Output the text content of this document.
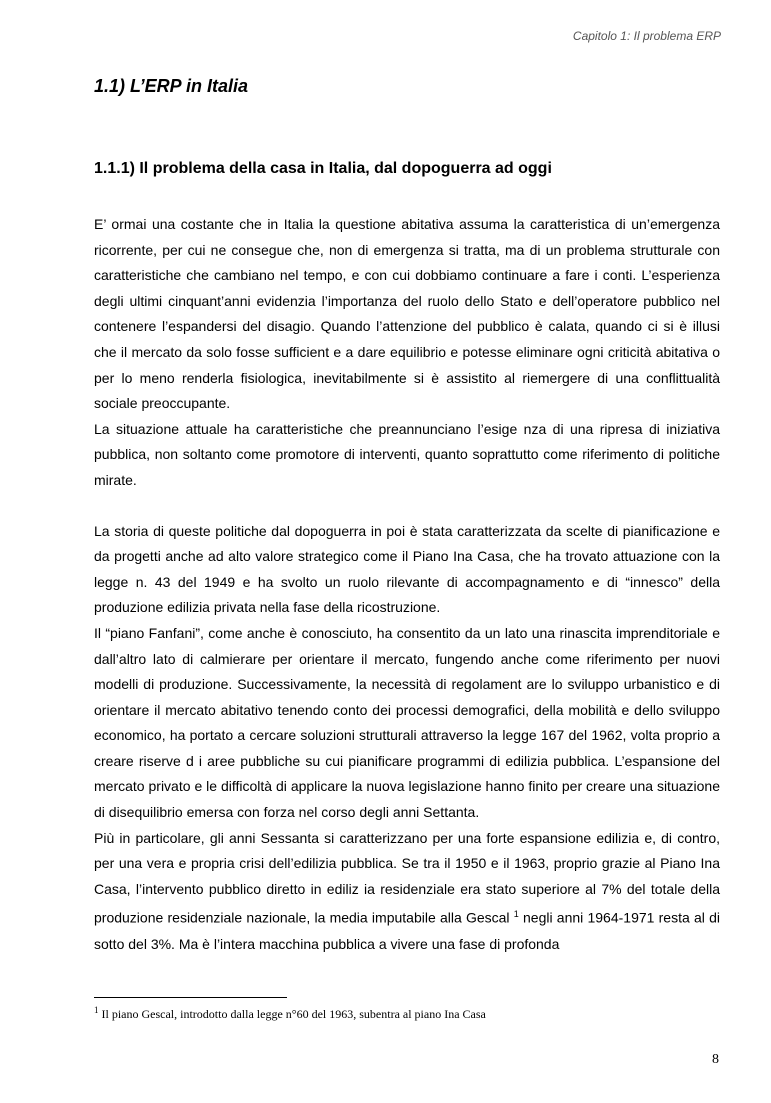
Capitolo 1: Il problema ERP
1.1) L’ERP in Italia
1.1.1) Il problema della casa in Italia, dal dopoguerra ad oggi

E’ ormai una costante che in Italia la questione abitativa assuma la caratteristica di un’emergenza ricorrente, per cui ne consegue che, non di emergenza si tratta, ma di un problema strutturale con caratteristiche che cambiano nel tempo, e con cui dobbiamo continuare a fare i conti. L’esperienza degli ultimi cinquant’anni evidenzia l’importanza del ruolo dello Stato e dell’operatore pubblico nel contenere l’espandersi del disagio. Quando l’attenzione del pubblico è calata, quando ci si è illusi che il mercato da solo fosse sufficient e a dare equilibrio e potesse eliminare ogni criticità abitativa o per lo meno renderla fisiologica, inevitabilmente si è assistito al riemergere di una conflittualità sociale preoccupante.

La situazione attuale ha caratteristiche che preannunciano l’esige nza di una ripresa di iniziativa pubblica, non soltanto come promotore di interventi, quanto soprattutto come riferimento di politiche mirate.

La storia di queste politiche dal dopoguerra in poi è stata caratterizzata da scelte di pianificazione e da progetti anche ad alto valore strategico come il Piano Ina Casa, che ha trovato attuazione con la legge n. 43 del 1949 e ha svolto un ruolo rilevante di accompagnamento e di “innesco” della produzione edilizia privata nella fase della ricostruzione.

Il “piano Fanfani”, come anche è conosciuto, ha consentito da un lato una rinascita imprenditoriale e dall’altro lato di calmierare per orientare il mercato, fungendo anche come riferimento per nuovi modelli di produzione. Successivamente, la necessità di regolament are lo sviluppo urbanistico e di orientare il mercato abitativo tenendo conto dei processi demografici, della mobilità e dello sviluppo economico, ha portato a cercare soluzioni strutturali attraverso la legge 167 del 1962, volta proprio a creare riserve d i aree pubbliche su cui pianificare programmi di edilizia pubblica. L’espansione del mercato privato e le difficoltà di applicare la nuova legislazione hanno finito per creare una situazione di disequilibrio emersa con forza nel corso degli anni Settanta.

Più in particolare, gli anni Sessanta si caratterizzano per una forte espansione edilizia e, di contro, per una vera e propria crisi dell’edilizia pubblica. Se tra il 1950 e il 1963, proprio grazie al Piano Ina Casa, l’intervento pubblico diretto in ediliz ia residenziale era stato superiore al 7% del totale della produzione residenziale nazionale, la media imputabile alla Gescal $^1$ negli anni 1964-1971 resta al di sotto del 3%. Ma è l’intera macchina pubblica a vivere una fase di profonda

$^1$ Il piano Gescal, introdotto dalla legge n°60 del 1963, subentra al piano Ina Casa
8
